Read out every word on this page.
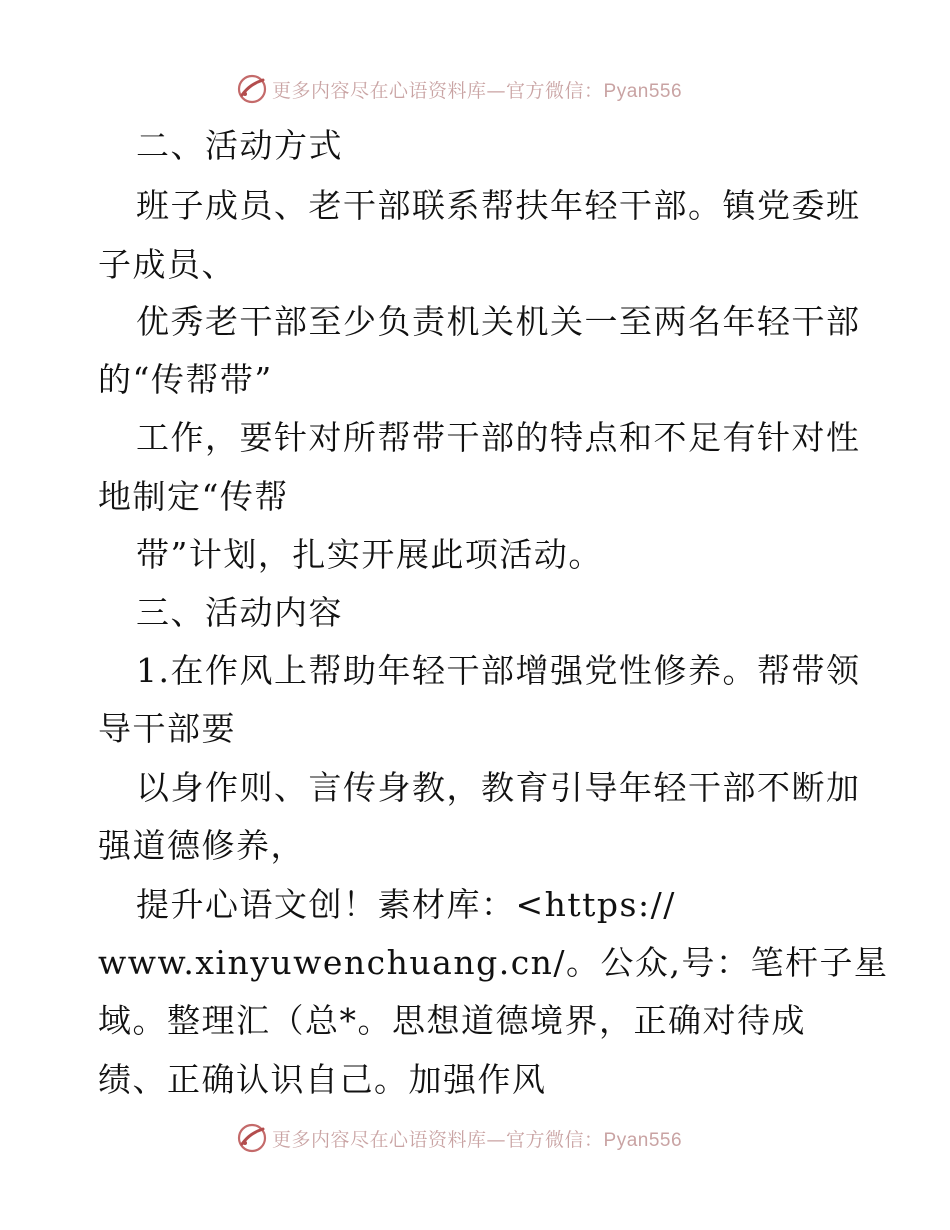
更多内容尽在心语资料库—官方微信：Pyan556
二、活动方式
班子成员、老干部联系帮扶年轻干部。镇党委班
子成员、
优秀老干部至少负责机关机关一至两名年轻干部
的“传帮带”
工作，要针对所帮带干部的特点和不足有针对性
地制定“传帮
带”计划，扎实开展此项活动。
三、活动内容
1.在作风上帮助年轻干部增强党性修养。帮带领
导干部要
以身作则、言传身教，教育引导年轻干部不断加
强道德修养，
提升心语文创！素材库：<https://
www.xinyuwenchuang.cn/。公众,号：笔杆子星
域。整理汇（总*。思想道德境界，正确对待成
绩、正确认识自己。加强作风
更多内容尽在心语资料库—官方微信：Pyan556
